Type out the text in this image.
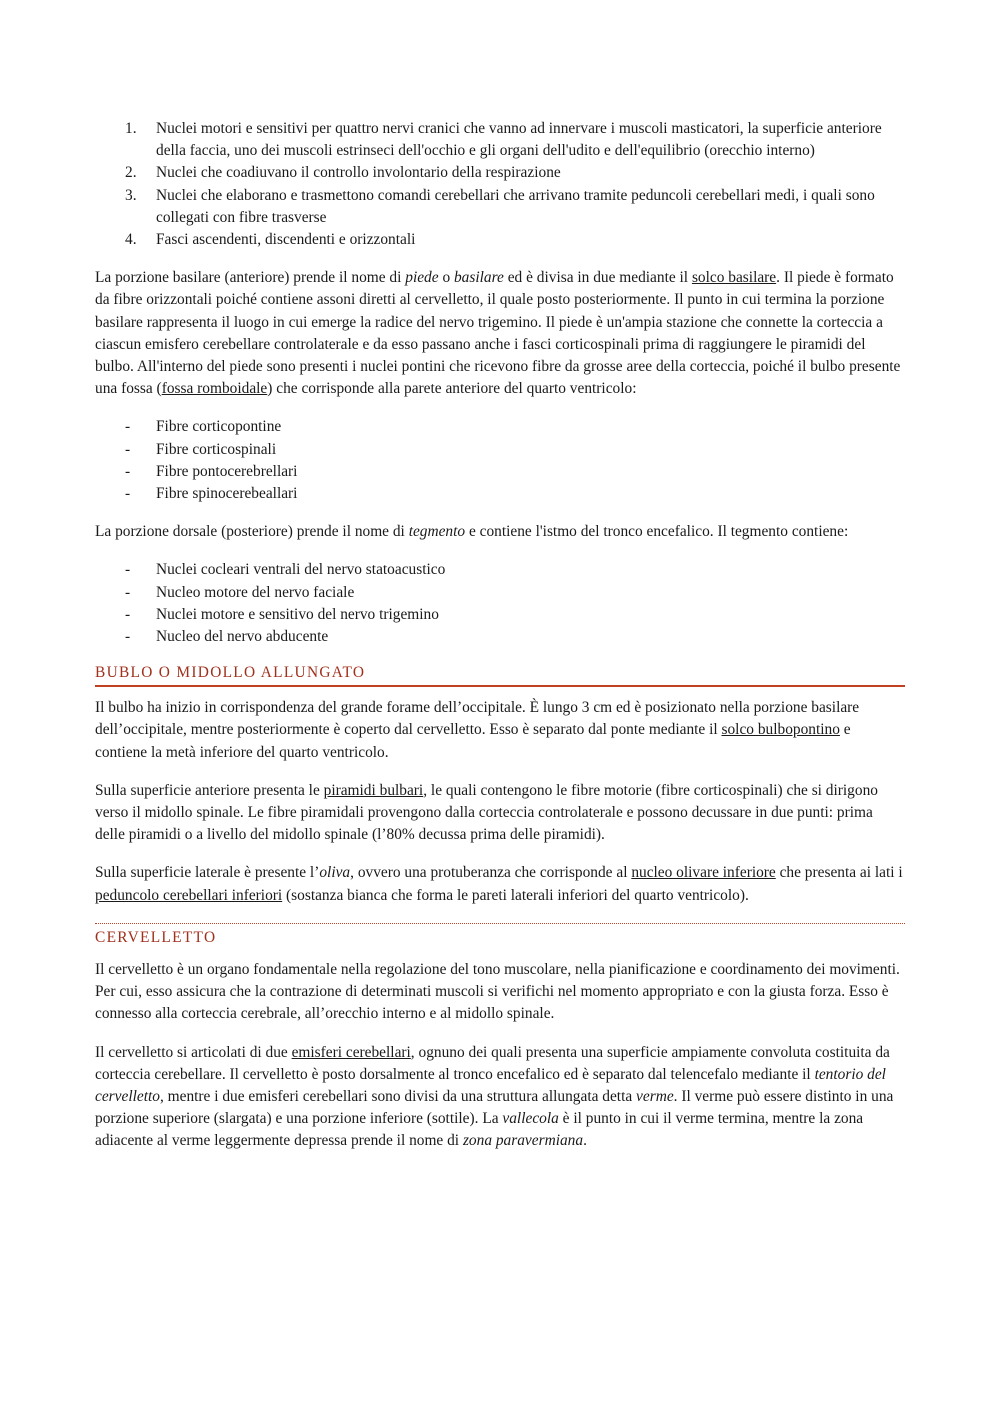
1. Nuclei motori e sensitivi per quattro nervi cranici che vanno ad innervare i muscoli masticatori, la superficie anteriore della faccia, uno dei muscoli estrinseci dell'occhio e gli organi dell'udito e dell'equilibrio (orecchio interno)
2. Nuclei che coadiuvano il controllo involontario della respirazione
3. Nuclei che elaborano e trasmettono comandi cerebellari che arrivano tramite peduncoli cerebellari medi, i quali sono collegati con fibre trasverse
4. Fasci ascendenti, discendenti e orizzontali

La porzione basilare (anteriore) prende il nome di piede o basilare ed è divisa in due mediante il solco basilare. Il piede è formato da fibre orizzontali poiché contiene assoni diretti al cervelletto, il quale posto posteriormente. Il punto in cui termina la porzione basilare rappresenta il luogo in cui emerge la radice del nervo trigemino. Il piede è un'ampia stazione che connette la corteccia a ciascun emisfero cerebellare controlaterale e da esso passano anche i fasci corticospinali prima di raggiungere le piramidi del bulbo. All'interno del piede sono presenti i nuclei pontini che ricevono fibre da grosse aree della corteccia, poiché il bulbo presente una fossa (fossa romboidale) che corrisponde alla parete anteriore del quarto ventricolo:

- Fibre corticopontine
- Fibre corticospinali
- Fibre pontocerebrellari
- Fibre spinocerebeallari

La porzione dorsale (posteriore) prende il nome di tegmento e contiene l'istmo del tronco encefalico. Il tegmento contiene:

- Nuclei cocleari ventrali del nervo statoacustico
- Nucleo motore del nervo faciale
- Nuclei motore e sensitivo del nervo trigemino
- Nucleo del nervo abducente
BUBLO O MIDOLLO ALLUNGATO

Il bulbo ha inizio in corrispondenza del grande forame dell’occipitale. È lungo 3 cm ed è posizionato nella porzione basilare dell’occipitale, mentre posteriormente è coperto dal cervelletto. Esso è separato dal ponte mediante il solco bulbopontino e contiene la metà inferiore del quarto ventricolo.

Sulla superficie anteriore presenta le piramidi bulbari, le quali contengono le fibre motorie (fibre corticospinali) che si dirigono verso il midollo spinale. Le fibre piramidali provengono dalla corteccia controlaterale e possono decussare in due punti: prima delle piramidi o a livello del midollo spinale (l’80% decussa prima delle piramidi).

Sulla superficie laterale è presente l’oliva, ovvero una protuberanza che corrisponde al nucleo olivare inferiore che presenta ai lati i peduncolo cerebellari inferiori (sostanza bianca che forma le pareti laterali inferiori del quarto ventricolo).

CERVELLETTO

Il cervelletto è un organo fondamentale nella regolazione del tono muscolare, nella pianificazione e coordinamento dei movimenti. Per cui, esso assicura che la contrazione di determinati muscoli si verifichi nel momento appropriato e con la giusta forza. Esso è connesso alla corteccia cerebrale, all’orecchio interno e al midollo spinale.

Il cervelletto si articolati di due emisferi cerebellari, ognuno dei quali presenta una superficie ampiamente convoluta costituita da corteccia cerebellare. Il cervelletto è posto dorsalmente al tronco encefalico ed è separato dal telencefalo mediante il tentorio del cervelletto, mentre i due emisferi cerebellari sono divisi da una struttura allungata detta verme. Il verme può essere distinto in una porzione superiore (slargata) e una porzione inferiore (sottile). La vallecola è il punto in cui il verme termina, mentre la zona adiacente al verme leggermente depressa prende il nome di zona paravermiana.
